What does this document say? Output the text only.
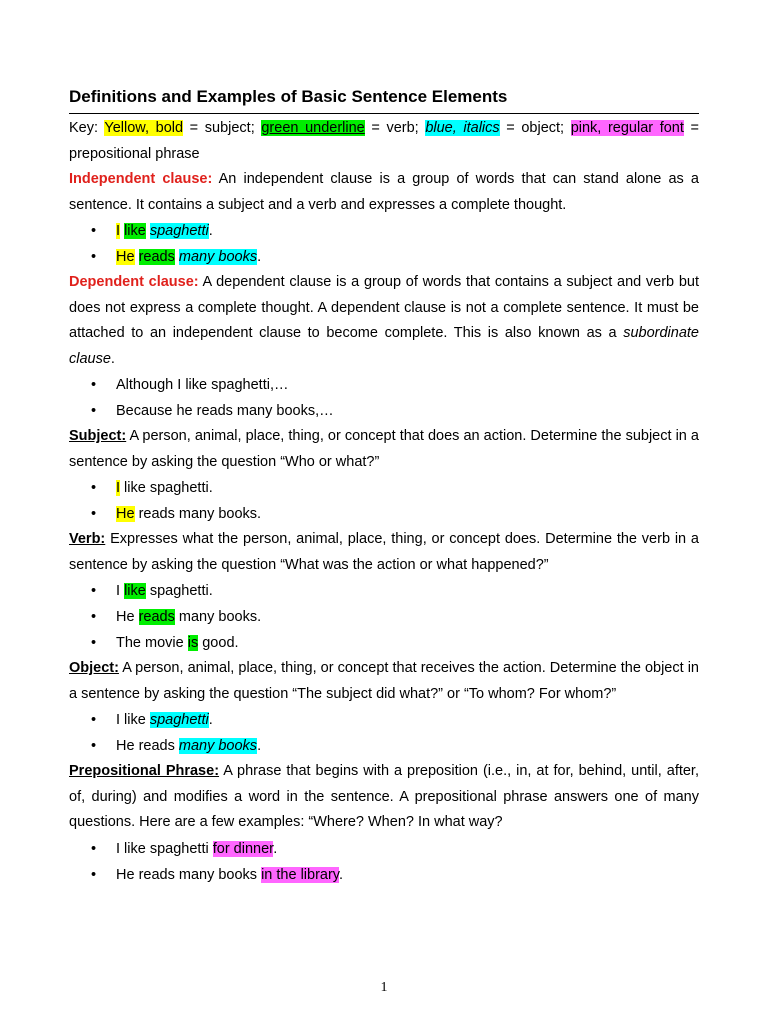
Definitions and Examples of Basic Sentence Elements

Key: Yellow, bold = subject; green underline = verb; blue, italics = object; pink, regular font = prepositional phrase

Independent clause: An independent clause is a group of words that can stand alone as a sentence. It contains a subject and a verb and expresses a complete thought.

• I like spaghetti.
• He reads many books.

Dependent clause: A dependent clause is a group of words that contains a subject and verb but does not express a complete thought. A dependent clause is not a complete sentence. It must be attached to an independent clause to become complete. This is also known as a subordinate clause.

• Although I like spaghetti,…
• Because he reads many books,…

Subject: A person, animal, place, thing, or concept that does an action. Determine the subject in a sentence by asking the question “Who or what?”

• I like spaghetti.
• He reads many books.

Verb: Expresses what the person, animal, place, thing, or concept does. Determine the verb in a sentence by asking the question “What was the action or what happened?”

• I like spaghetti.
• He reads many books.
• The movie is good.

Object: A person, animal, place, thing, or concept that receives the action. Determine the object in a sentence by asking the question “The subject did what?” or “To whom? For whom?”

• I like spaghetti.
• He reads many books.

Prepositional Phrase: A phrase that begins with a preposition (i.e., in, at for, behind, until, after, of, during) and modifies a word in the sentence. A prepositional phrase answers one of many questions. Here are a few examples: “Where? When? In what way?

• I like spaghetti for dinner.
• He reads many books in the library.
1
